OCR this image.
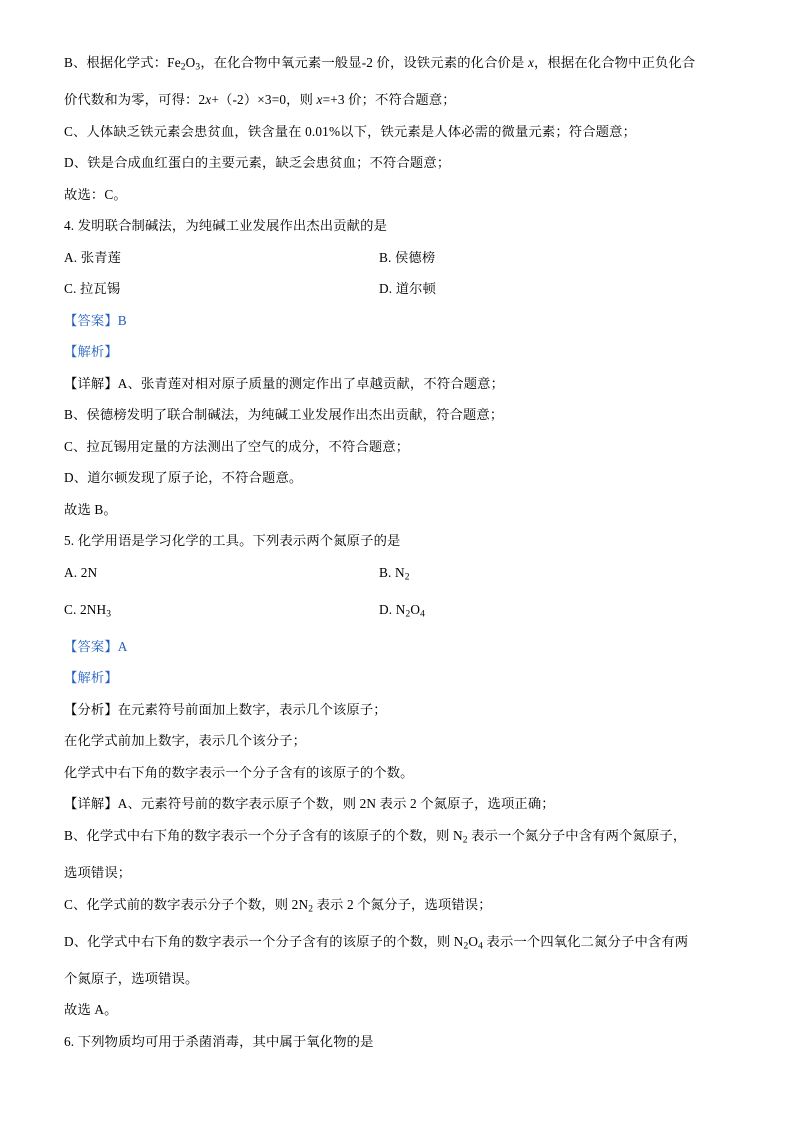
B、根据化学式：$Fe_2O_3$，在化合物中氧元素一般显-2 价，设铁元素的化合价是 x，根据在化合物中正负化合

价代数和为零，可得：2x+（-2）×3=0，则 x=+3 价；不符合题意；

C、人体缺乏铁元素会患贫血，铁含量在 0.01%以下，铁元素是人体必需的微量元素；符合题意；

D、铁是合成血红蛋白的主要元素，缺乏会患贫血；不符合题意；

故选：C。

4. 发明联合制碱法，为纯碱工业发展作出杰出贡献的是

A. 张青莲	B. 侯德榜

C. 拉瓦锡	D. 道尔顿

【答案】B

【解析】

【详解】A、张青莲对相对原子质量的测定作出了卓越贡献，不符合题意；

B、侯德榜发明了联合制碱法，为纯碱工业发展作出杰出贡献，符合题意；

C、拉瓦锡用定量的方法测出了空气的成分，不符合题意；

D、道尔顿发现了原子论，不符合题意。

故选 B。

5. 化学用语是学习化学的工具。下列表示两个氮原子的是

A. 2N	B. $N_2$

C. $2NH_3$	D. $N_2O_4$

【答案】A

【解析】

【分析】在元素符号前面加上数字，表示几个该原子；

在化学式前加上数字，表示几个该分子；

化学式中右下角的数字表示一个分子含有的该原子的个数。

【详解】A、元素符号前的数字表示原子个数，则 2N 表示 2 个氮原子，选项正确；

B、化学式中右下角的数字表示一个分子含有的该原子的个数，则 $N_2$ 表示一个氮分子中含有两个氮原子，

选项错误；

C、化学式前的数字表示分子个数，则 $2N_2$ 表示 2 个氮分子，选项错误；

D、化学式中右下角的数字表示一个分子含有的该原子的个数，则 $N_2O_4$ 表示一个四氧化二氮分子中含有两

个氮原子，选项错误。

故选 A。

6. 下列物质均可用于杀菌消毒，其中属于氧化物的是
